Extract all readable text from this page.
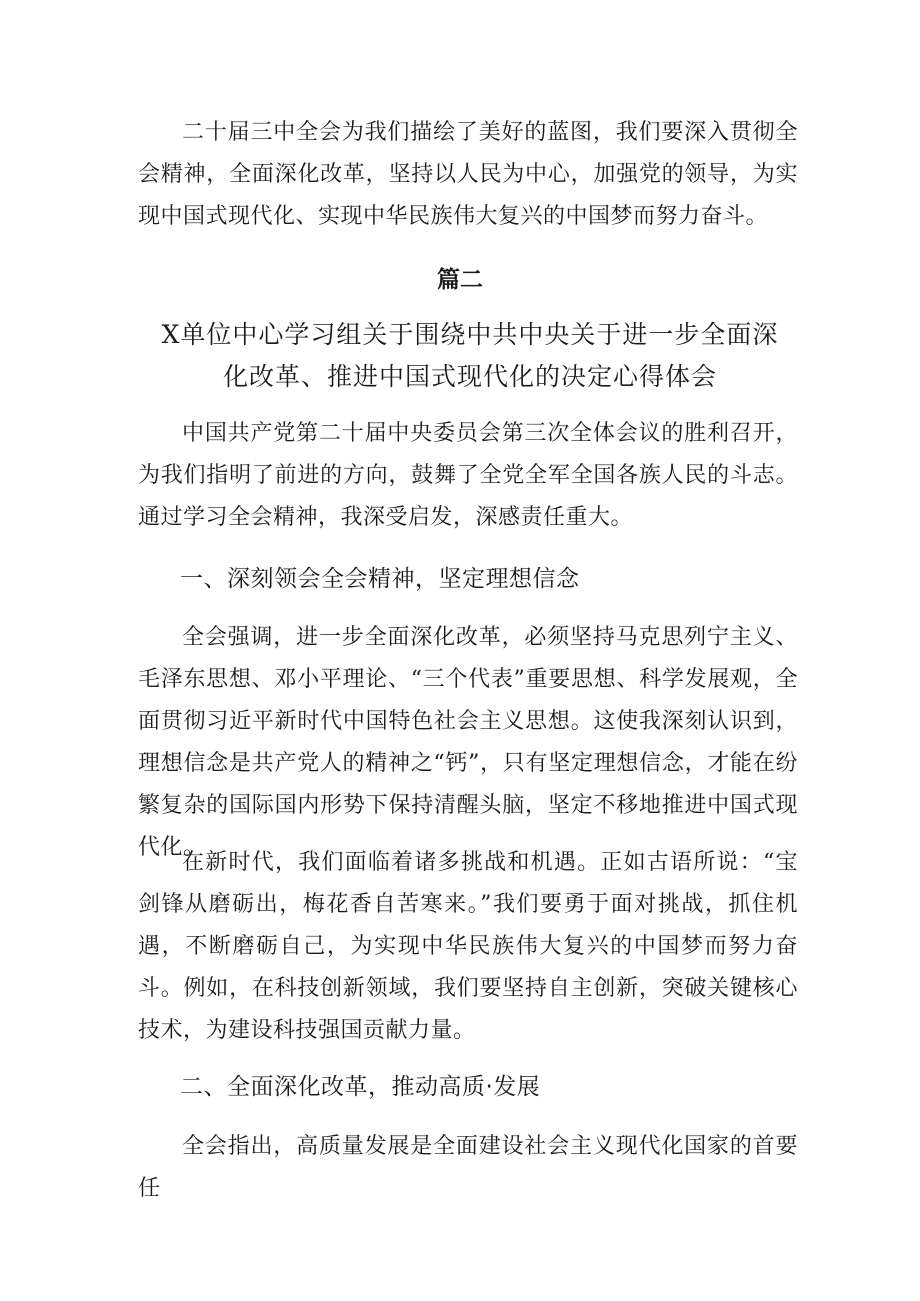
二十届三中全会为我们描绘了美好的蓝图，我们要深入贯彻全会精神，全面深化改革，坚持以人民为中心，加强党的领导，为实现中国式现代化、实现中华民族伟大复兴的中国梦而努力奋斗。

篇二
X单位中心学习组关于围绕中共中央关于进一步全面深化改革、推进中国式现代化的决定心得体会

中国共产党第二十届中央委员会第三次全体会议的胜利召开，为我们指明了前进的方向，鼓舞了全党全军全国各族人民的斗志。通过学习全会精神，我深受启发，深感责任重大。

一、深刻领会全会精神，坚定理想信念

全会强调，进一步全面深化改革，必须坚持马克思列宁主义、毛泽东思想、邓小平理论、“三个代表”重要思想、科学发展观，全面贯彻习近平新时代中国特色社会主义思想。这使我深刻认识到，理想信念是共产党人的精神之“钙”，只有坚定理想信念，才能在纷繁复杂的国际国内形势下保持清醒头脑，坚定不移地推进中国式现代化。

在新时代，我们面临着诸多挑战和机遇。正如古语所说：“宝剑锋从磨砺出，梅花香自苦寒来。”我们要勇于面对挑战，抓住机遇，不断磨砺自己，为实现中华民族伟大复兴的中国梦而努力奋斗。例如，在科技创新领域，我们要坚持自主创新，突破关键核心技术，为建设科技强国贡献力量。

二、全面深化改革，推动高质·发展

全会指出，高质量发展是全面建设社会主义现代化国家的首要任
